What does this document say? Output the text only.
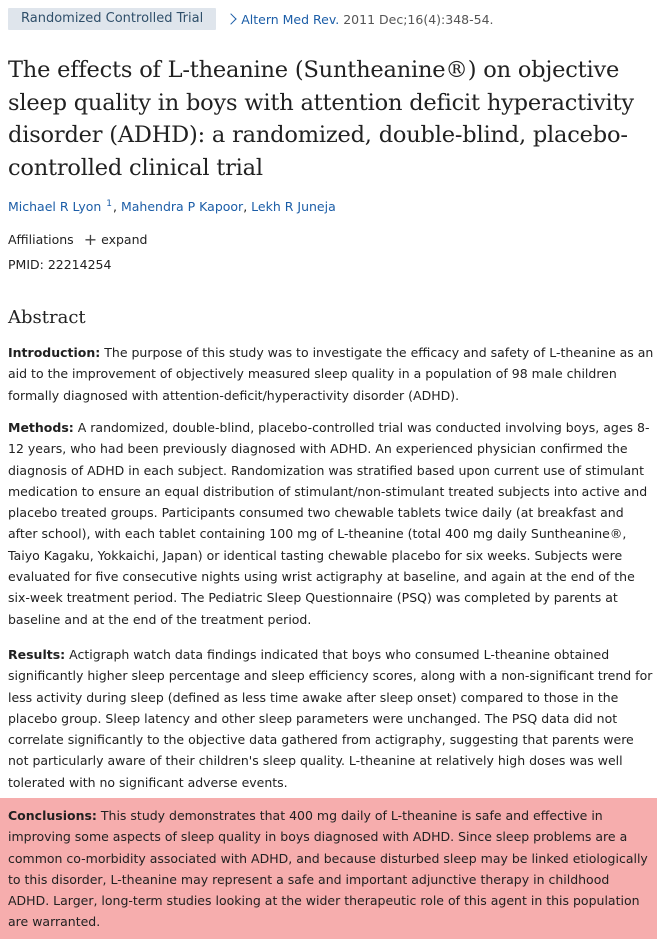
Randomized Controlled Trial	Altern Med Rev. 2011 Dec;16(4):348-54.
The effects of L-theanine (Suntheanine®) on objective sleep quality in boys with attention deficit hyperactivity disorder (ADHD): a randomized, double-blind, placebo-controlled clinical trial
Michael R Lyon $^1$, Mahendra P Kapoor, Lekh R Juneja
Affiliations + expand
PMID: 22214254
Abstract
Introduction: The purpose of this study was to investigate the efficacy and safety of L-theanine as an aid to the improvement of objectively measured sleep quality in a population of 98 male children formally diagnosed with attention-deficit/hyperactivity disorder (ADHD).
Methods: A randomized, double-blind, placebo-controlled trial was conducted involving boys, ages 8-12 years, who had been previously diagnosed with ADHD. An experienced physician confirmed the diagnosis of ADHD in each subject. Randomization was stratified based upon current use of stimulant medication to ensure an equal distribution of stimulant/non-stimulant treated subjects into active and placebo treated groups. Participants consumed two chewable tablets twice daily (at breakfast and after school), with each tablet containing 100 mg of L-theanine (total 400 mg daily Suntheanine®, Taiyo Kagaku, Yokkaichi, Japan) or identical tasting chewable placebo for six weeks. Subjects were evaluated for five consecutive nights using wrist actigraphy at baseline, and again at the end of the six-week treatment period. The Pediatric Sleep Questionnaire (PSQ) was completed by parents at baseline and at the end of the treatment period.
Results: Actigraph watch data findings indicated that boys who consumed L-theanine obtained significantly higher sleep percentage and sleep efficiency scores, along with a non-significant trend for less activity during sleep (defined as less time awake after sleep onset) compared to those in the placebo group. Sleep latency and other sleep parameters were unchanged. The PSQ data did not correlate significantly to the objective data gathered from actigraphy, suggesting that parents were not particularly aware of their children's sleep quality. L-theanine at relatively high doses was well tolerated with no significant adverse events.
Conclusions: This study demonstrates that 400 mg daily of L-theanine is safe and effective in improving some aspects of sleep quality in boys diagnosed with ADHD. Since sleep problems are a common co-morbidity associated with ADHD, and because disturbed sleep may be linked etiologically to this disorder, L-theanine may represent a safe and important adjunctive therapy in childhood ADHD. Larger, long-term studies looking at the wider therapeutic role of this agent in this population are warranted.
